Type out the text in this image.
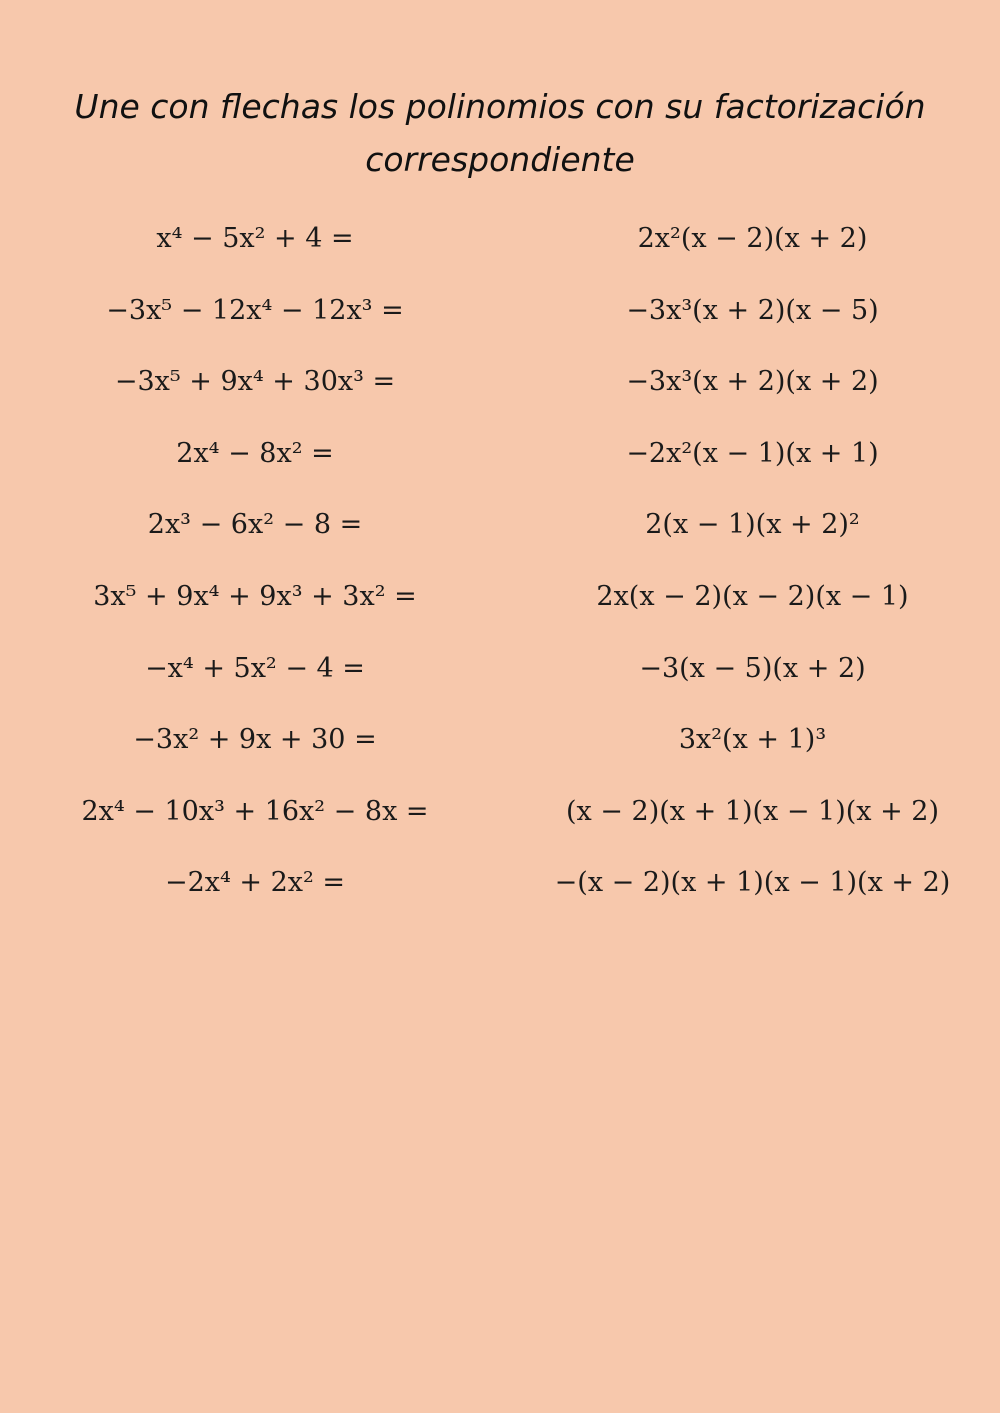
Une con flechas los polinomios con su factorización
correspondiente
x⁴ − 5x² + 4 =
−3x⁵ − 12x⁴ − 12x³ =
−3x⁵ + 9x⁴ + 30x³ =
2x⁴ − 8x² =
2x³ − 6x² − 8 =
3x⁵ + 9x⁴ + 9x³ + 3x² =
−x⁴ + 5x² − 4 =
−3x² + 9x + 30 =
2x⁴ − 10x³ + 16x² − 8x =
−2x⁴ + 2x² =
2x²(x − 2)(x + 2)
−3x³(x + 2)(x − 5)
−3x³(x + 2)(x + 2)
−2x²(x − 1)(x + 1)
2(x − 1)(x + 2)²
2x(x − 2)(x − 2)(x − 1)
−3(x − 5)(x + 2)
3x²(x + 1)³
(x − 2)(x + 1)(x − 1)(x + 2)
−(x − 2)(x + 1)(x − 1)(x + 2)
